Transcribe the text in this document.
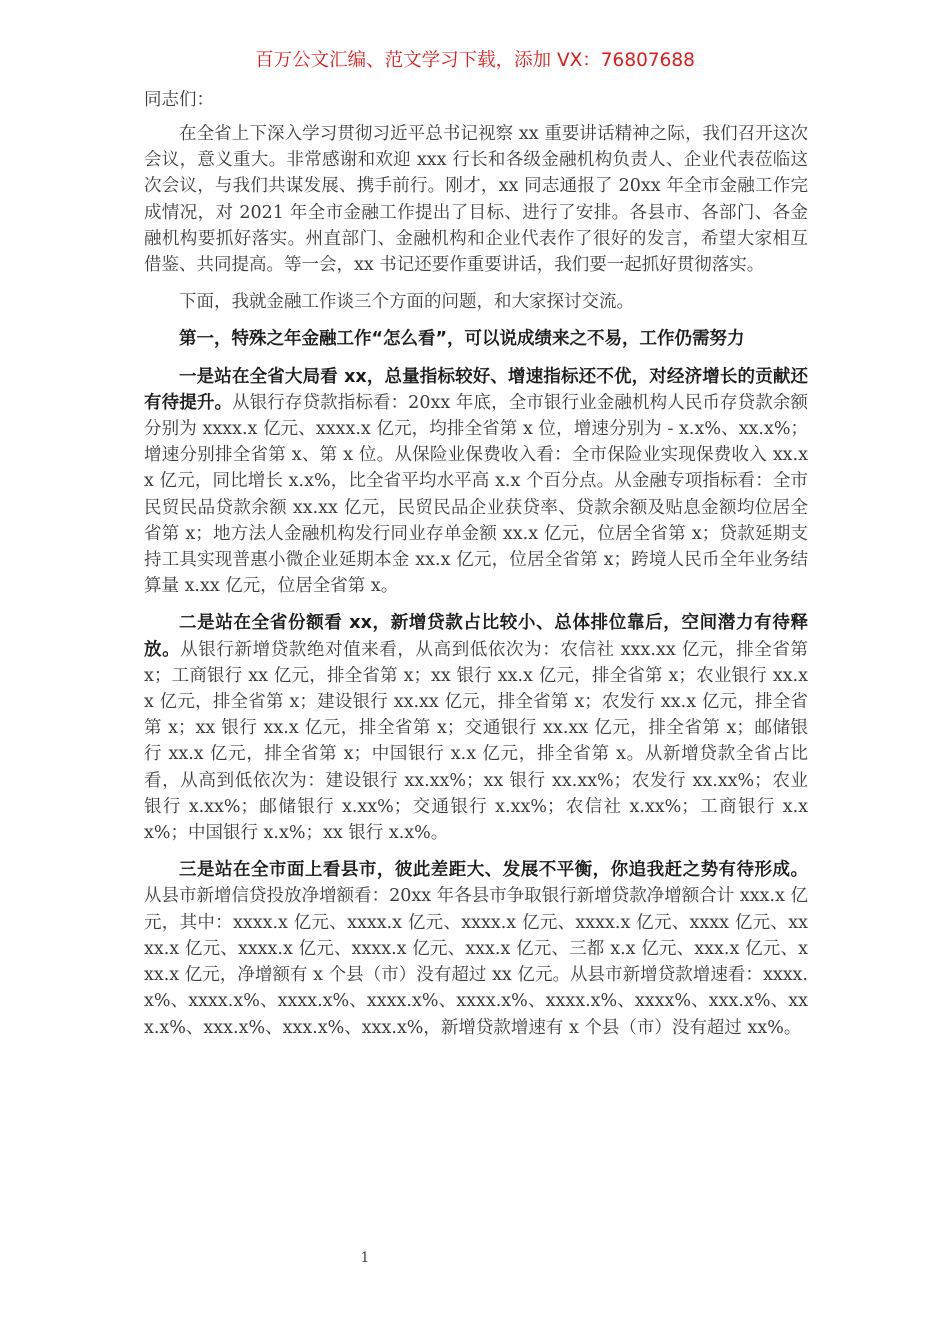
百万公文汇编、范文学习下载，添加 VX：76807688
同志们：

在全省上下深入学习贯彻习近平总书记视察 xx 重要讲话精神之际，我们召开这次会议，意义重大。非常感谢和欢迎 xxx 行长和各级金融机构负责人、企业代表莅临这次会议，与我们共谋发展、携手前行。刚才，xx 同志通报了 20xx 年全市金融工作完成情况，对 2021 年全市金融工作提出了目标、进行了安排。各县市、各部门、各金融机构要抓好落实。州直部门、金融机构和企业代表作了很好的发言，希望大家相互借鉴、共同提高。等一会，xx 书记还要作重要讲话，我们要一起抓好贯彻落实。

下面，我就金融工作谈三个方面的问题，和大家探讨交流。

第一，特殊之年金融工作“怎么看”，可以说成绩来之不易，工作仍需努力

一是站在全省大局看 xx，总量指标较好、增速指标还不优，对经济增长的贡献还有待提升。从银行存贷款指标看：20xx 年底，全市银行业金融机构人民币存贷款余额分别为 xxxx.x 亿元、xxxx.x 亿元，均排全省第 x 位，增速分别为 - x.x%、xx.x%；增速分别排全省第 x、第 x 位。从保险业保费收入看：全市保险业实现保费收入 xx.xx 亿元，同比增长 x.x%，比全省平均水平高 x.x 个百分点。从金融专项指标看：全市民贸民品贷款余额 xx.xx 亿元，民贸民品企业获贷率、贷款余额及贴息金额均位居全省第 x；地方法人金融机构发行同业存单金额 xx.x 亿元，位居全省第 x；贷款延期支持工具实现普惠小微企业延期本金 xx.x 亿元，位居全省第 x；跨境人民币全年业务结算量 x.xx 亿元，位居全省第 x。

二是站在全省份额看 xx，新增贷款占比较小、总体排位靠后，空间潜力有待释放。从银行新增贷款绝对值来看，从高到低依次为：农信社 xxx.xx 亿元，排全省第 x；工商银行 xx 亿元，排全省第 x；xx 银行 xx.x 亿元，排全省第 x；农业银行 xx.xx 亿元，排全省第 x；建设银行 xx.xx 亿元，排全省第 x；农发行 xx.x 亿元，排全省第 x；xx 银行 xx.x 亿元，排全省第 x；交通银行 xx.xx 亿元，排全省第 x；邮储银行 xx.x 亿元，排全省第 x；中国银行 x.x 亿元，排全省第 x。从新增贷款全省占比看，从高到低依次为：建设银行 xx.xx%；xx 银行 xx.xx%；农发行 xx.xx%；农业银行 x.xx%；邮储银行 x.xx%；交通银行 x.xx%；农信社 x.xx%；工商银行 x.xx%；中国银行 x.x%；xx 银行 x.x%。

三是站在全市面上看县市，彼此差距大、发展不平衡，你追我赶之势有待形成。从县市新增信贷投放净增额看：20xx 年各县市争取银行新增贷款净增额合计 xxx.x 亿元，其中：xxxx.x 亿元、xxxx.x 亿元、xxxx.x 亿元、xxxx.x 亿元、xxxx 亿元、xxxx.x 亿元、xxxx.x 亿元、xxxx.x 亿元、xxx.x 亿元、三都 x.x 亿元、xxx.x 亿元、xxx.x 亿元，净增额有 x 个县（市）没有超过 xx 亿元。从县市新增贷款增速看：xxxx.x%、xxxx.x%、xxxx.x%、xxxx.x%、xxxx.x%、xxxx.x%、xxxx%、xxx.x%、xxx.x%、xxx.x%、xxx.x%、xxx.x%，新增贷款增速有 x 个县（市）没有超过 xx%。

1
